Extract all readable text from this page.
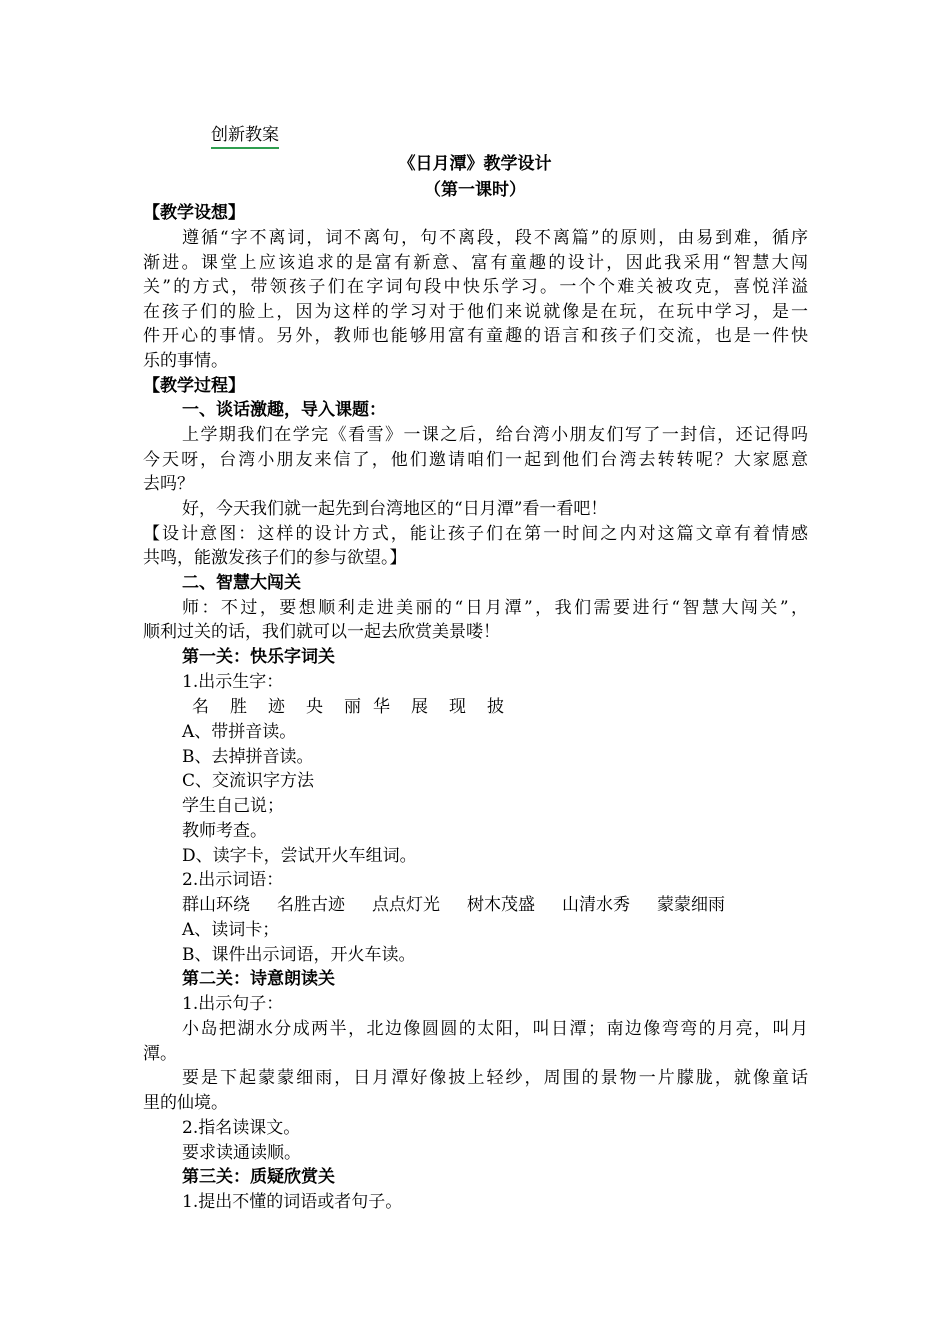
创新教案
《日月潭》教学设计
（第一课时）
【教学设想】
遵循“字不离词，词不离句，句不离段，段不离篇”的原则，由易到难，循序
渐进。课堂上应该追求的是富有新意、富有童趣的设计，因此我采用“智慧大闯
关”的方式，带领孩子们在字词句段中快乐学习。一个个难关被攻克，喜悦洋溢
在孩子们的脸上，因为这样的学习对于他们来说就像是在玩，在玩中学习，是一
件开心的事情。另外，教师也能够用富有童趣的语言和孩子们交流，也是一件快
乐的事情。
【教学过程】
一、谈话激趣，导入课题：
上学期我们在学完《看雪》一课之后，给台湾小朋友们写了一封信，还记得吗
今天呀，台湾小朋友来信了，他们邀请咱们一起到他们台湾去转转呢？大家愿意
去吗？
好，今天我们就一起先到台湾地区的“日月潭”看一看吧！
【设计意图：这样的设计方式，能让孩子们在第一时间之内对这篇文章有着情感
共鸣，能激发孩子们的参与欲望。】
二、智慧大闯关
师：不过，要想顺利走进美丽的“日月潭”，我们需要进行“智慧大闯关”，
顺利过关的话，我们就可以一起去欣赏美景喽！
第一关：快乐字词关
1.出示生字：
名 胜 迹 央 丽 华 展 现 披
A、带拼音读。
B、去掉拼音读。
C、交流识字方法
学生自己说；
教师考查。
D、读字卡，尝试开火车组词。
2.出示词语：
群山环绕 名胜古迹 点点灯光 树木茂盛 山清水秀 蒙蒙细雨
A、读词卡；
B、课件出示词语，开火车读。
第二关：诗意朗读关
1.出示句子：
小岛把湖水分成两半，北边像圆圆的太阳，叫日潭；南边像弯弯的月亮，叫月
潭。
要是下起蒙蒙细雨，日月潭好像披上轻纱，周围的景物一片朦胧，就像童话
里的仙境。
2.指名读课文。
要求读通读顺。
第三关：质疑欣赏关
1.提出不懂的词语或者句子。
